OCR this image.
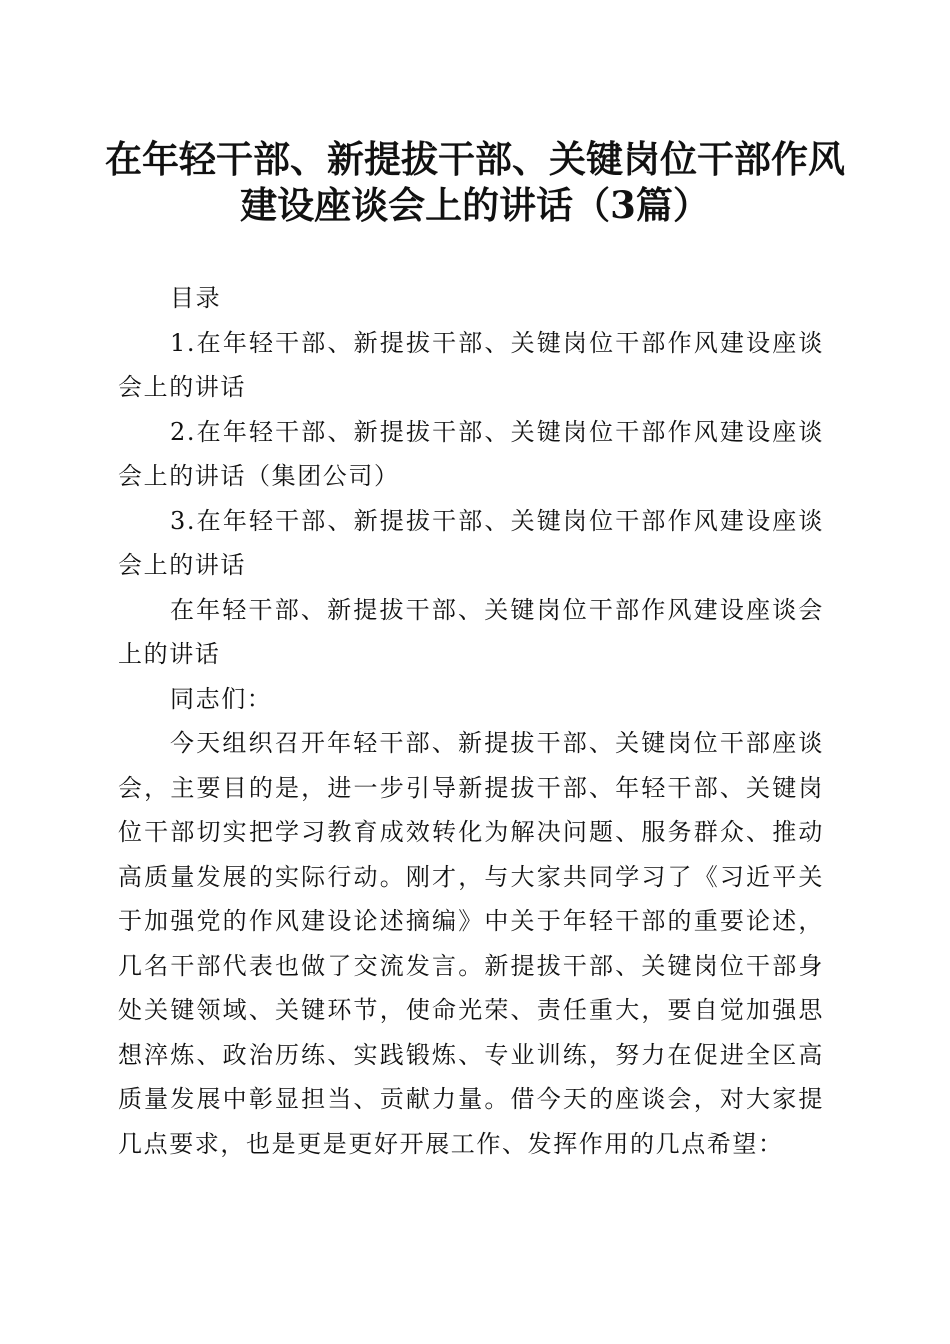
在年轻干部、新提拔干部、关键岗位干部作风
建设座谈会上的讲话（3篇）

目录

1.在年轻干部、新提拔干部、关键岗位干部作风建设座谈会上的讲话

2.在年轻干部、新提拔干部、关键岗位干部作风建设座谈会上的讲话（集团公司）

3.在年轻干部、新提拔干部、关键岗位干部作风建设座谈会上的讲话

在年轻干部、新提拔干部、关键岗位干部作风建设座谈会上的讲话

同志们：

今天组织召开年轻干部、新提拔干部、关键岗位干部座谈会，主要目的是，进一步引导新提拔干部、年轻干部、关键岗位干部切实把学习教育成效转化为解决问题、服务群众、推动高质量发展的实际行动。刚才，与大家共同学习了《习近平关于加强党的作风建设论述摘编》中关于年轻干部的重要论述，几名干部代表也做了交流发言。新提拔干部、关键岗位干部身处关键领域、关键环节，使命光荣、责任重大，要自觉加强思想淬炼、政治历练、实践锻炼、专业训练，努力在促进全区高质量发展中彰显担当、贡献力量。借今天的座谈会，对大家提几点要求，也是更是更好开展工作、发挥作用的几点希望：
